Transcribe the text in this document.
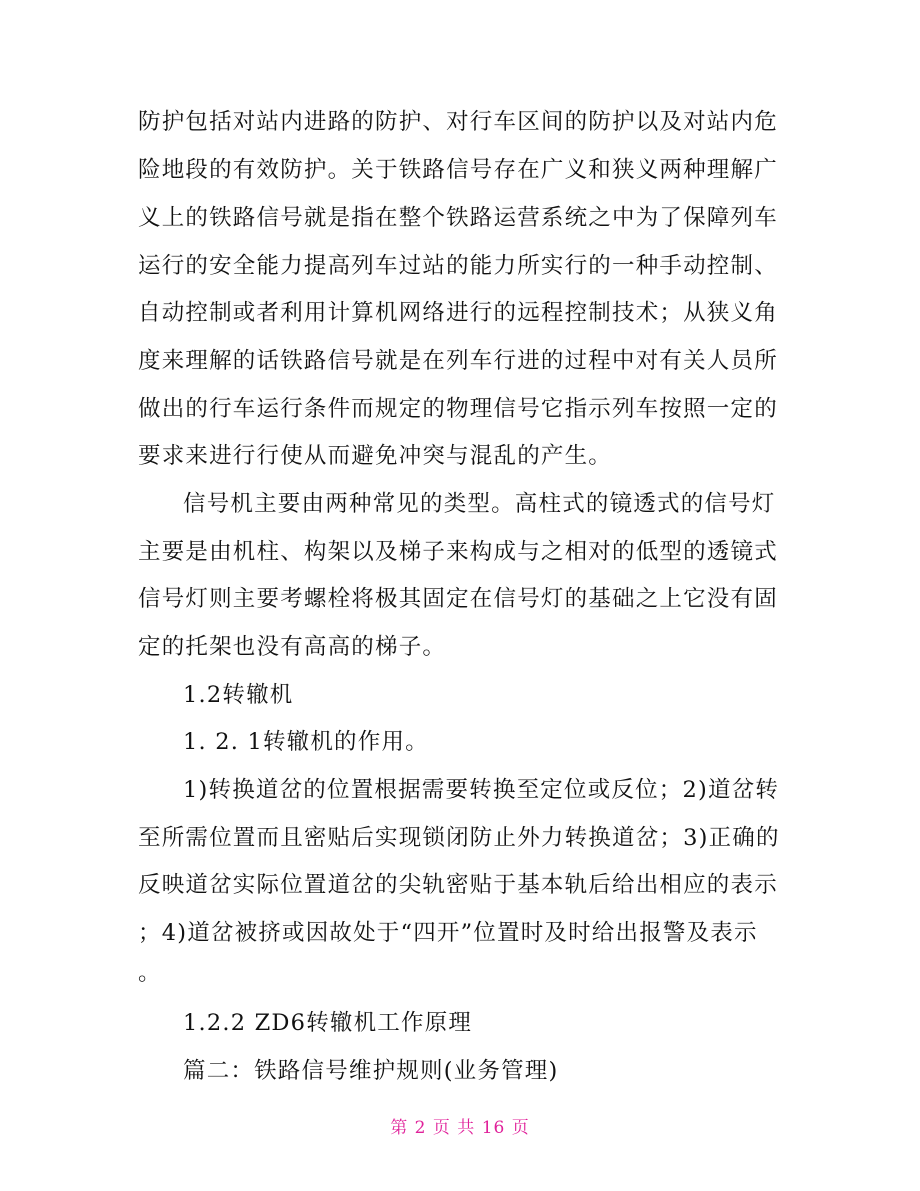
防护包括对站内进路的防护、对行车区间的防护以及对站内危
险地段的有效防护。关于铁路信号存在广义和狭义两种理解广
义上的铁路信号就是指在整个铁路运营系统之中为了保障列车
运行的安全能力提高列车过站的能力所实行的一种手动控制、
自动控制或者利用计算机网络进行的远程控制技术；从狭义角
度来理解的话铁路信号就是在列车行进的过程中对有关人员所
做出的行车运行条件而规定的物理信号它指示列车按照一定的
要求来进行行使从而避免冲突与混乱的产生。
信号机主要由两种常见的类型。高柱式的镜透式的信号灯
主要是由机柱、构架以及梯子来构成与之相对的低型的透镜式
信号灯则主要考螺栓将极其固定在信号灯的基础之上它没有固
定的托架也没有高高的梯子。
1.2转辙机
1. 2. 1转辙机的作用。
1)转换道岔的位置根据需要转换至定位或反位；2)道岔转
至所需位置而且密贴后实现锁闭防止外力转换道岔；3)正确的
反映道岔实际位置道岔的尖轨密贴于基本轨后给出相应的表示
；4)道岔被挤或因故处于“四开”位置时及时给出报警及表示
。
1.2.2 ZD6转辙机工作原理
篇二：铁路信号维护规则(业务管理)
第 2 页 共 16 页
